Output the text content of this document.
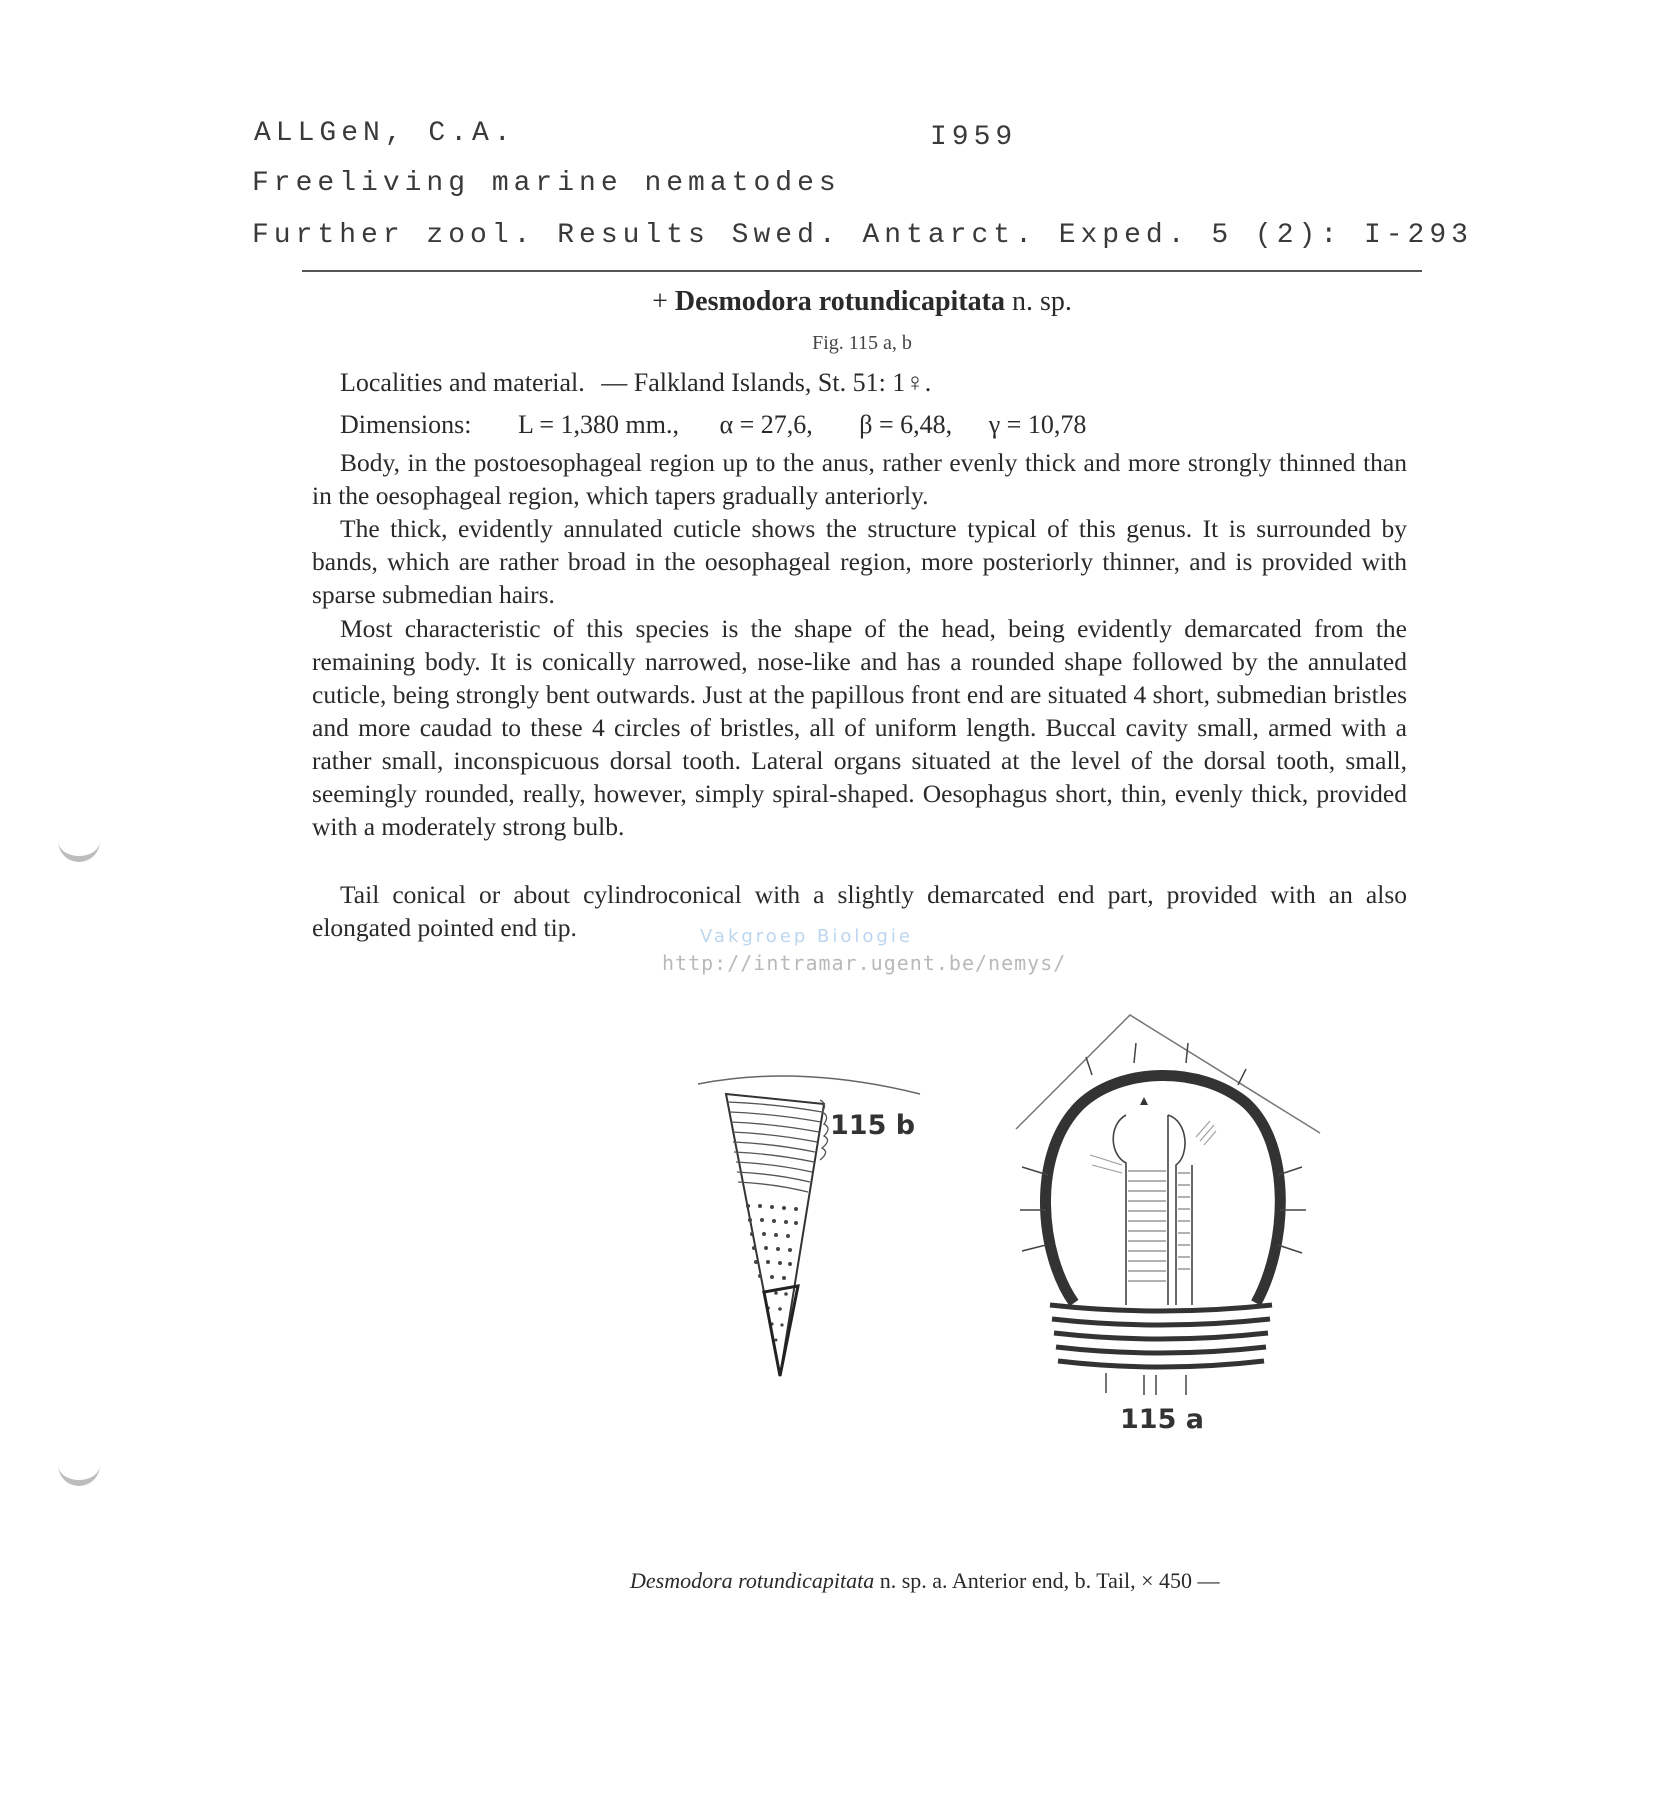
ALLGeN, C.A.	I959
Freeliving marine nematodes
Further zool. Results Swed. Antarct. Exped. 5 (2): I-293
+ Desmodora rotundicapitata n. sp.
Fig. 115 a, b
Localities and material. — Falkland Islands, St. 51: 1♀.
Dimensions: L = 1,380 mm., α = 27,6, β = 6,48, γ = 10,78
Body, in the postoesophageal region up to the anus, rather evenly thick and more strongly thinned than in the oesophageal region, which tapers gradually anteriorly.
The thick, evidently annulated cuticle shows the structure typical of this genus. It is surrounded by bands, which are rather broad in the oesophageal region, more posteriorly thinner, and is provided with sparse submedian hairs.
Most characteristic of this species is the shape of the head, being evidently demarcated from the remaining body. It is conically narrowed, nose-like and has a rounded shape followed by the annulated cuticle, being strongly bent outwards. Just at the papillous front end are situated 4 short, submedian bristles and more caudad to these 4 circles of bristles, all of uniform length. Buccal cavity small, armed with a rather small, inconspicuous dorsal tooth. Lateral organs situated at the level of the dorsal tooth, small, seemingly rounded, really, however, simply spiral-shaped. Oesophagus short, thin, evenly thick, provided with a moderately strong bulb.
Tail conical or about cylindroconical with a slightly demarcated end part, provided with an also elongated pointed end tip.	Vakgroep Biologie
http://intramar.ugent.be/nemys/
115 b
115 a
Desmodora rotundicapitata n. sp. a. Anterior end, b. Tail, × 450 —
